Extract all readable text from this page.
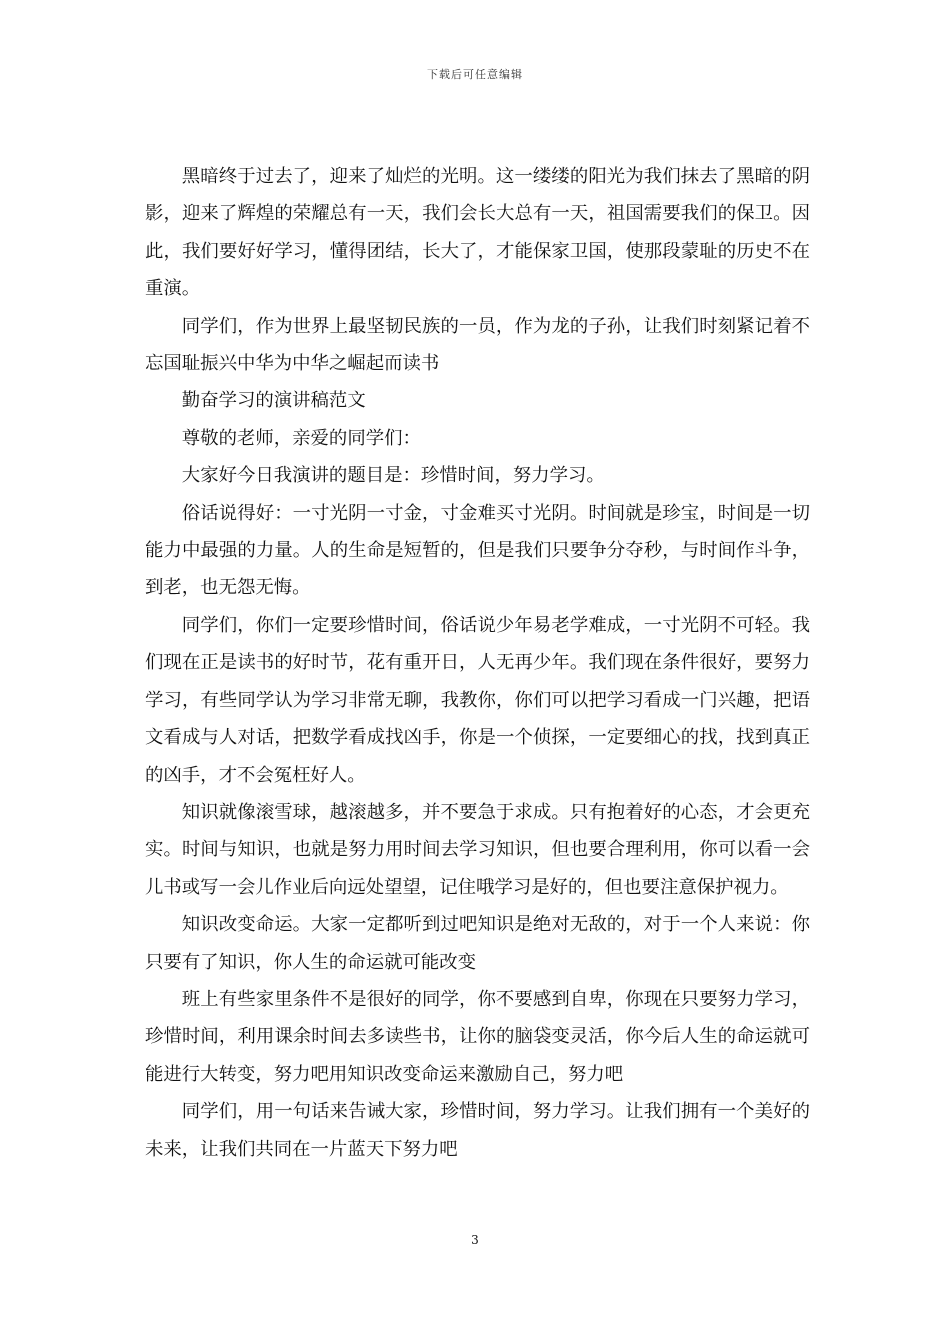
下载后可任意编辑

黑暗终于过去了，迎来了灿烂的光明。这一缕缕的阳光为我们抹去了黑暗的阴影，迎来了辉煌的荣耀总有一天，我们会长大总有一天，祖国需要我们的保卫。因此，我们要好好学习，懂得团结，长大了，才能保家卫国，使那段蒙耻的历史不在重演。

同学们，作为世界上最坚韧民族的一员，作为龙的子孙，让我们时刻紧记着不忘国耻振兴中华为中华之崛起而读书

勤奋学习的演讲稿范文

尊敬的老师，亲爱的同学们：

大家好今日我演讲的题目是：珍惜时间，努力学习。

俗话说得好：一寸光阴一寸金，寸金难买寸光阴。时间就是珍宝，时间是一切能力中最强的力量。人的生命是短暂的，但是我们只要争分夺秒，与时间作斗争，到老，也无怨无悔。

同学们，你们一定要珍惜时间，俗话说少年易老学难成，一寸光阴不可轻。我们现在正是读书的好时节，花有重开日，人无再少年。我们现在条件很好，要努力学习，有些同学认为学习非常无聊，我教你，你们可以把学习看成一门兴趣，把语文看成与人对话，把数学看成找凶手，你是一个侦探，一定要细心的找，找到真正的凶手，才不会冤枉好人。

知识就像滚雪球，越滚越多，并不要急于求成。只有抱着好的心态，才会更充实。时间与知识，也就是努力用时间去学习知识，但也要合理利用，你可以看一会儿书或写一会儿作业后向远处望望，记住哦学习是好的，但也要注意保护视力。

知识改变命运。大家一定都听到过吧知识是绝对无敌的，对于一个人来说：你只要有了知识，你人生的命运就可能改变

班上有些家里条件不是很好的同学，你不要感到自卑，你现在只要努力学习，珍惜时间，利用课余时间去多读些书，让你的脑袋变灵活，你今后人生的命运就可能进行大转变，努力吧用知识改变命运来激励自己，努力吧

同学们，用一句话来告诫大家，珍惜时间，努力学习。让我们拥有一个美好的未来，让我们共同在一片蓝天下努力吧

3
